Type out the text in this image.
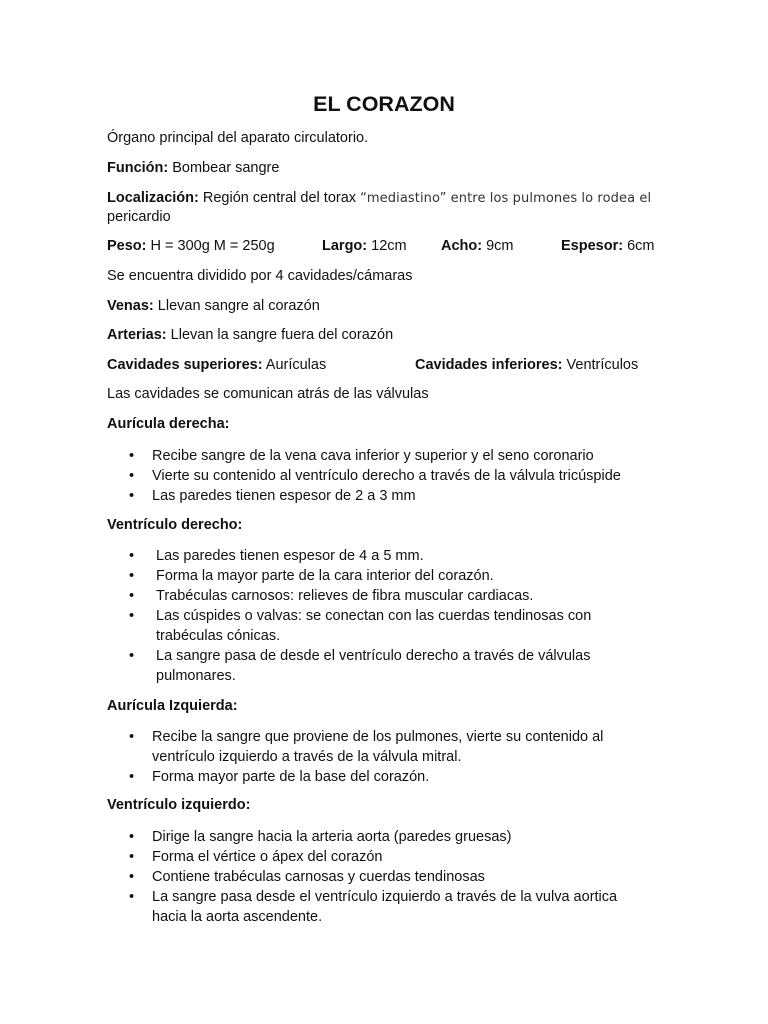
EL CORAZON

Órgano principal del aparato circulatorio.

Función: Bombear sangre

Localización: Región central del torax “mediastino” entre los pulmones lo rodea el

pericardio

Peso: H = 300g M = 250g	Largo: 12cm Acho: 9cm	Espesor: 6cm

Se encuentra dividido por 4 cavidades/cámaras

Venas: Llevan sangre al corazón

Arterias: Llevan la sangre fuera del corazón

Cavidades superiores: Aurículas	Cavidades inferiores: Ventrículos

Las cavidades se comunican atrás de las válvulas

Aurícula derecha:

• Recibe sangre de la vena cava inferior y superior y el seno coronario
• Vierte su contenido al ventrículo derecho a través de la válvula tricúspide
• Las paredes tienen espesor de 2 a 3 mm

Ventrículo derecho:

• Las paredes tienen espesor de 4 a 5 mm.
• Forma la mayor parte de la cara interior del corazón.
• Trabéculas carnosos: relieves de fibra muscular cardiacas.
• Las cúspides o valvas: se conectan con las cuerdas tendinosas con trabéculas cónicas.
• La sangre pasa de desde el ventrículo derecho a través de válvulas pulmonares.

Aurícula Izquierda:

• Recibe la sangre que proviene de los pulmones, vierte su contenido al ventrículo izquierdo a través de la válvula mitral.
• Forma mayor parte de la base del corazón.

Ventrículo izquierdo:

• Dirige la sangre hacia la arteria aorta (paredes gruesas)
• Forma el vértice o ápex del corazón
• Contiene trabéculas carnosas y cuerdas tendinosas
• La sangre pasa desde el ventrículo izquierdo a través de la vulva aortica hacia la aorta ascendente.
